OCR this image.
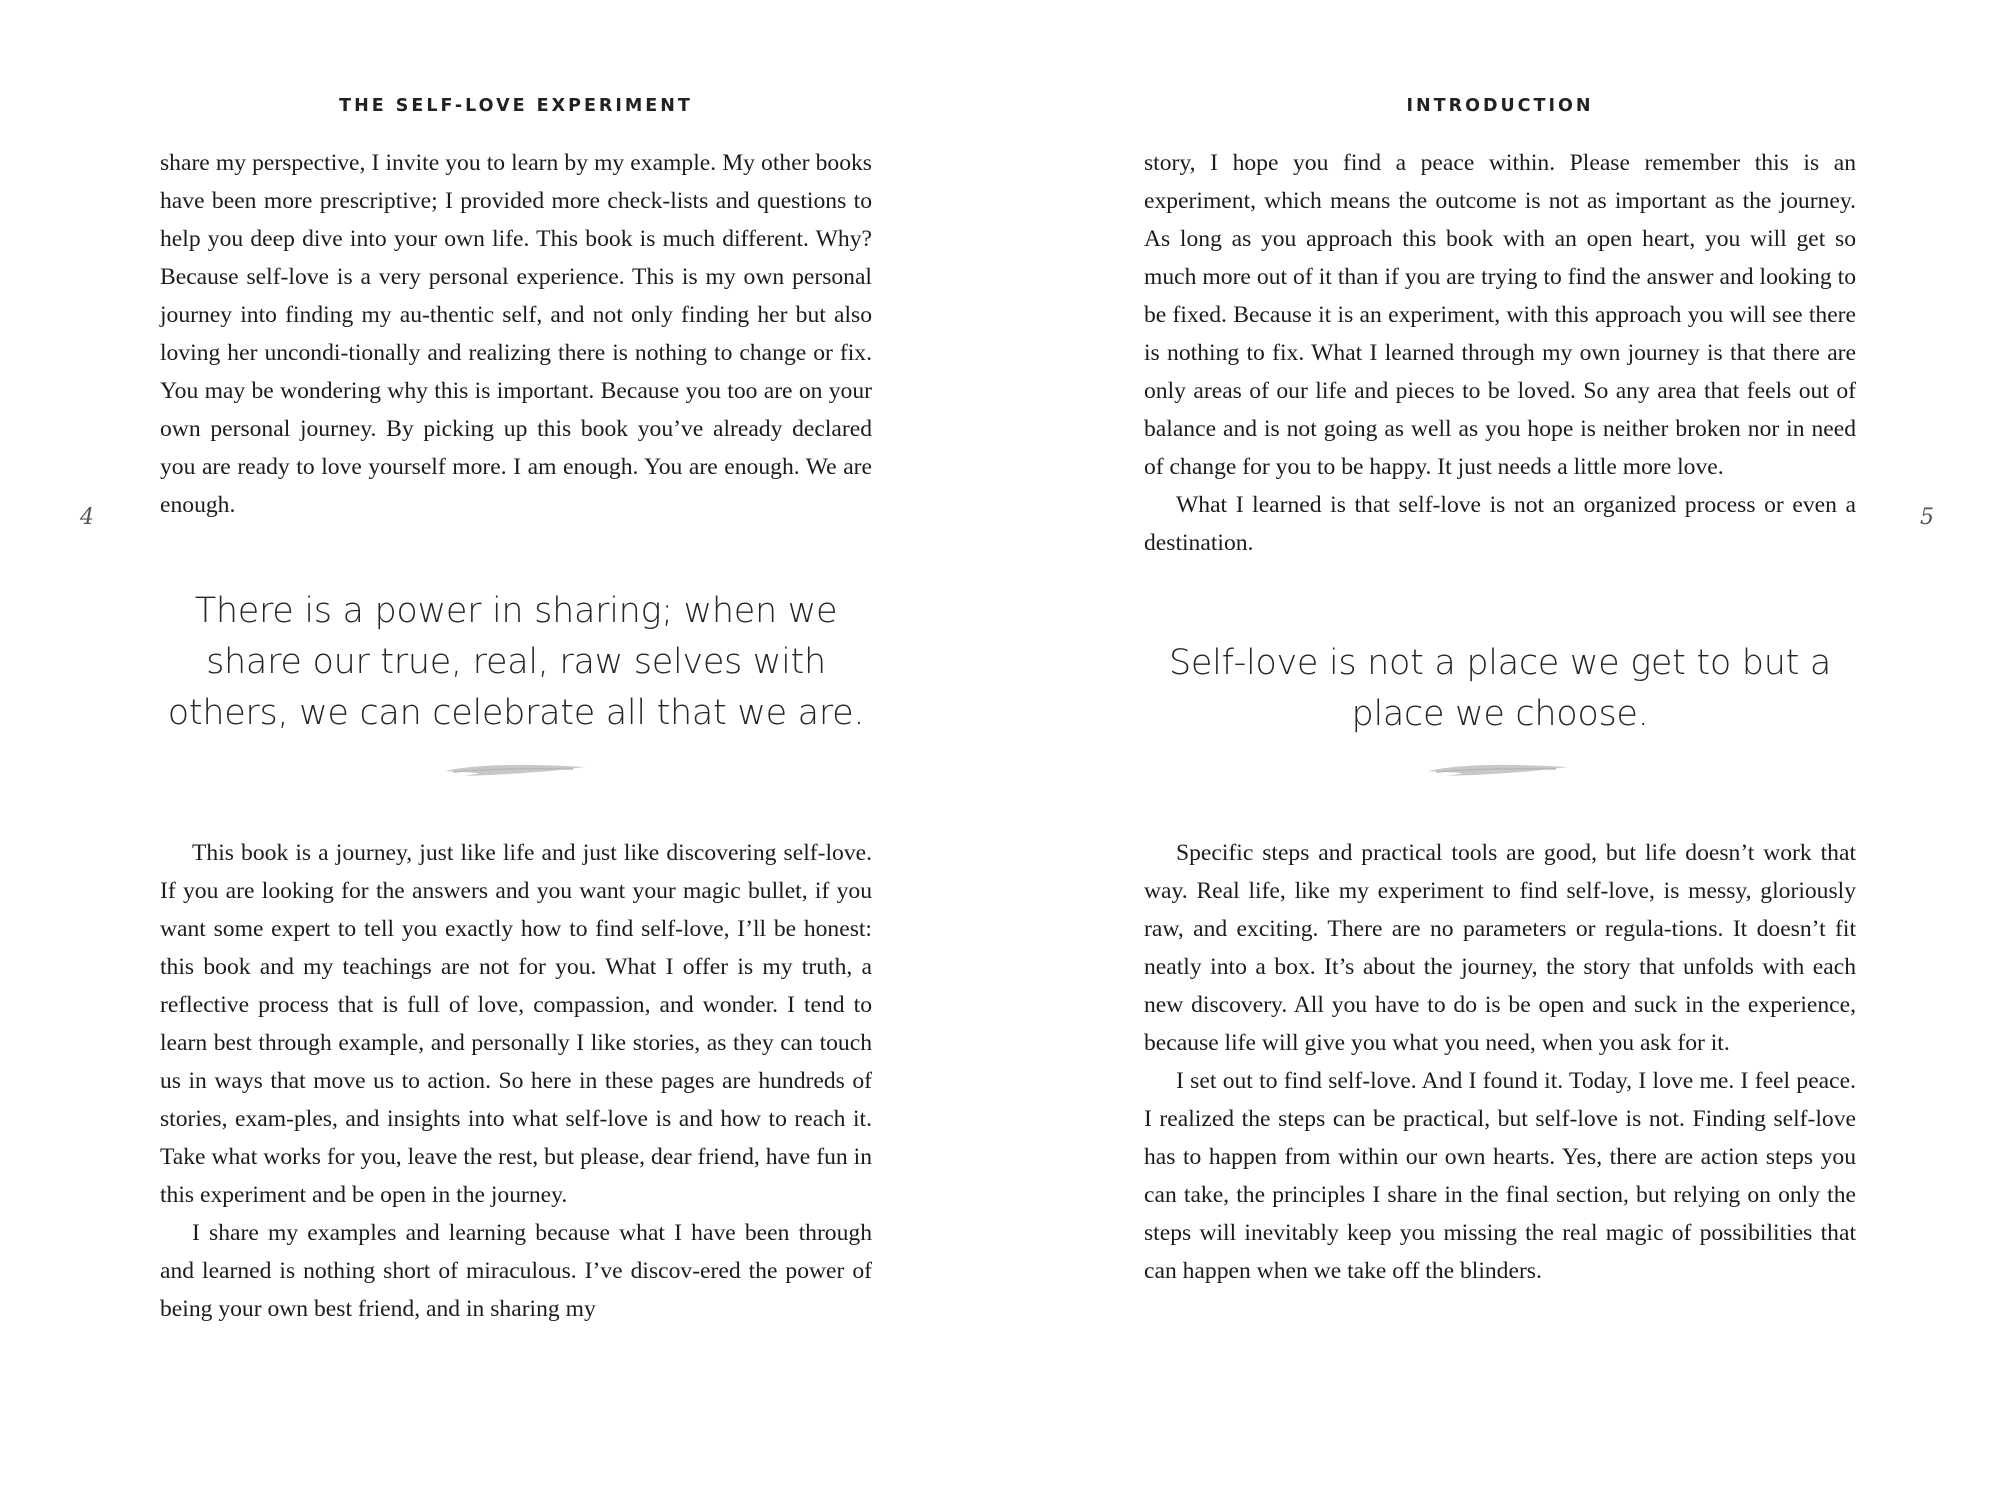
THE SELF-LOVE EXPERIMENT
4

share my perspective, I invite you to learn by my example. My other books have been more prescriptive; I provided more check-lists and questions to help you deep dive into your own life. This book is much different. Why? Because self-love is a very personal experience. This is my own personal journey into finding my au-thentic self, and not only finding her but also loving her uncondi-tionally and realizing there is nothing to change or fix. You may be wondering why this is important. Because you too are on your own personal journey. By picking up this book you’ve already declared you are ready to love yourself more. I am enough. You are enough. We are enough.

There is a power in sharing; when we share our true, real, raw selves with others, we can celebrate all that we are.

This book is a journey, just like life and just like discovering self-love. If you are looking for the answers and you want your magic bullet, if you want some expert to tell you exactly how to find self-love, I’ll be honest: this book and my teachings are not for you. What I offer is my truth, a reflective process that is full of love, compassion, and wonder. I tend to learn best through example, and personally I like stories, as they can touch us in ways that move us to action. So here in these pages are hundreds of stories, exam-ples, and insights into what self-love is and how to reach it. Take what works for you, leave the rest, but please, dear friend, have fun in this experiment and be open in the journey.

I share my examples and learning because what I have been through and learned is nothing short of miraculous. I’ve discov-ered the power of being your own best friend, and in sharing my

INTRODUCTION
5

story, I hope you find a peace within. Please remember this is an experiment, which means the outcome is not as important as the journey. As long as you approach this book with an open heart, you will get so much more out of it than if you are trying to find the answer and looking to be fixed. Because it is an experiment, with this approach you will see there is nothing to fix. What I learned through my own journey is that there are only areas of our life and pieces to be loved. So any area that feels out of balance and is not going as well as you hope is neither broken nor in need of change for you to be happy. It just needs a little more love.

What I learned is that self-love is not an organized process or even a destination.

Self-love is not a place we get to but a place we choose.

Specific steps and practical tools are good, but life doesn’t work that way. Real life, like my experiment to find self-love, is messy, gloriously raw, and exciting. There are no parameters or regula-tions. It doesn’t fit neatly into a box. It’s about the journey, the story that unfolds with each new discovery. All you have to do is be open and suck in the experience, because life will give you what you need, when you ask for it.

I set out to find self-love. And I found it. Today, I love me. I feel peace. I realized the steps can be practical, but self-love is not. Finding self-love has to happen from within our own hearts. Yes, there are action steps you can take, the principles I share in the final section, but relying on only the steps will inevitably keep you missing the real magic of possibilities that can happen when we take off the blinders.
